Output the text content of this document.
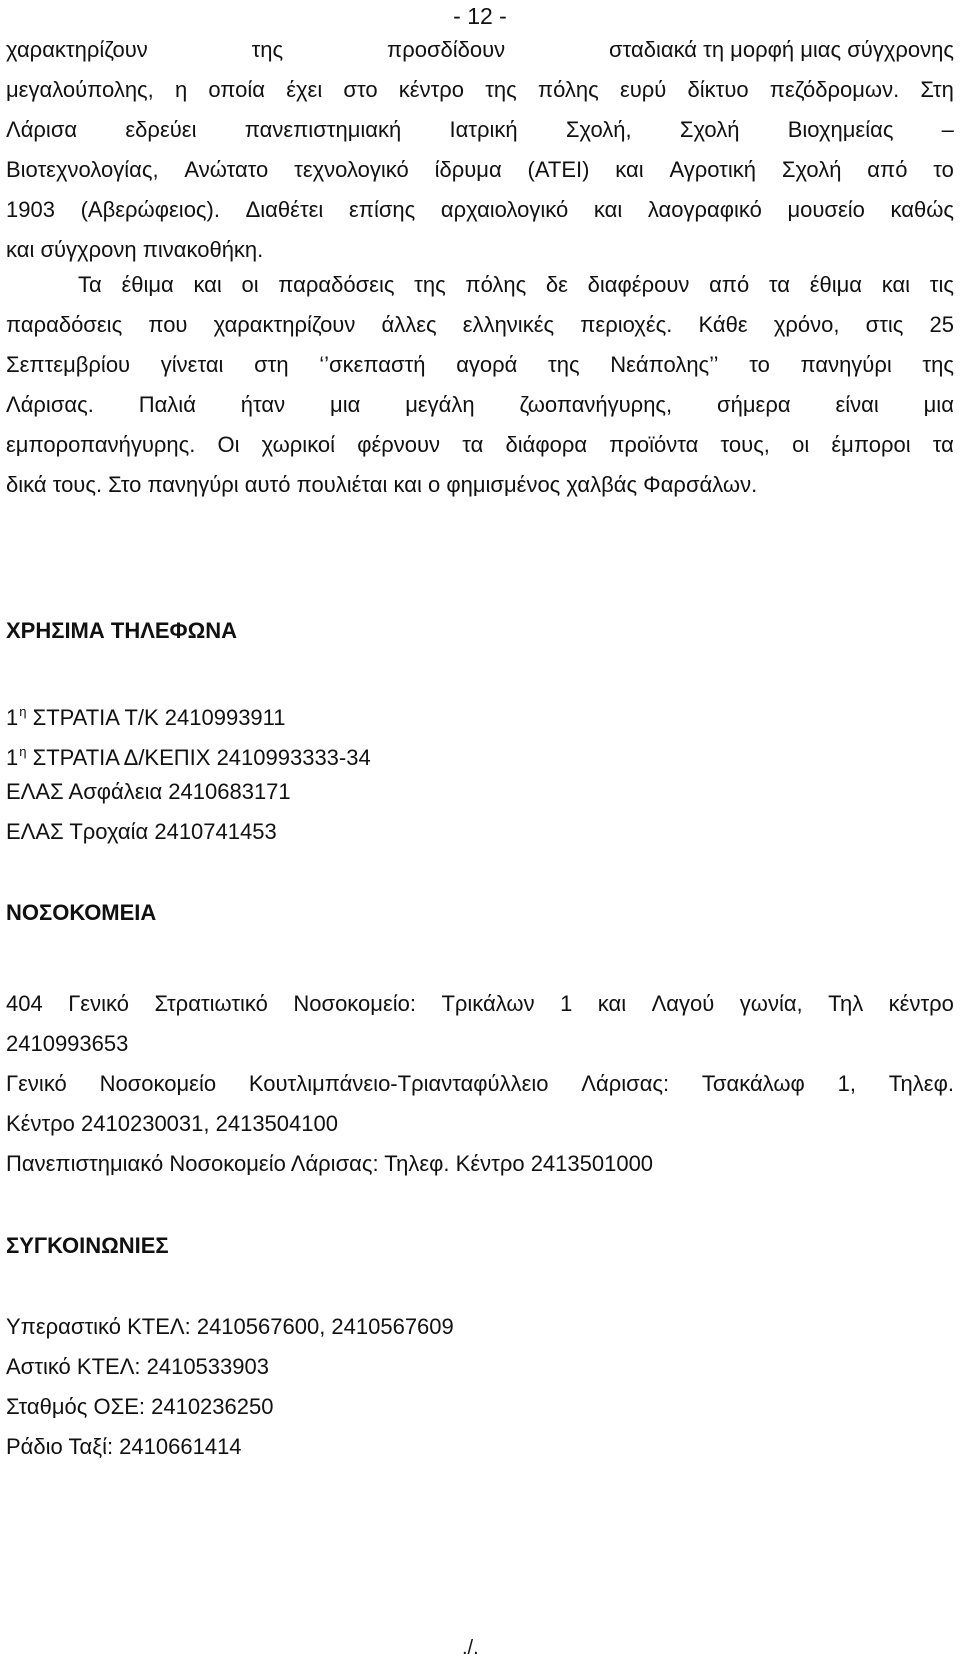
- 12 -
χαρακτηρίζουν	της	προσδίδουν	σταδιακά τη μορφή μιας σύγχρονης
μεγαλούπολης, η οποία έχει στο κέντρο της πόλης ευρύ δίκτυο πεζόδρομων. Στη
Λάρισα εδρεύει πανεπιστημιακή Ιατρική Σχολή, Σχολή Βιοχημείας –
Βιοτεχνολογίας, Ανώτατο τεχνολογικό ίδρυμα (ΑΤΕΙ) και Αγροτική Σχολή από το
1903 (Αβερώφειος). Διαθέτει επίσης αρχαιολογικό και λαογραφικό μουσείο καθώς
και σύγχρονη πινακοθήκη.
Τα έθιμα και οι παραδόσεις της πόλης δε διαφέρουν από τα έθιμα και τις
παραδόσεις που χαρακτηρίζουν άλλες ελληνικές περιοχές. Κάθε χρόνο, στις 25
Σεπτεμβρίου γίνεται στη ‘’σκεπαστή αγορά της Νεάπολης’’ το πανηγύρι της
Λάρισας. Παλιά ήταν μια μεγάλη ζωοπανήγυρης, σήμερα είναι μια
εμποροπανήγυρης. Οι χωρικοί φέρνουν τα διάφορα προϊόντα τους, οι έμποροι τα
δικά τους. Στο πανηγύρι αυτό πουλιέται και ο φημισμένος χαλβάς Φαρσάλων.
ΧΡΗΣΙΜΑ ΤΗΛΕΦΩΝΑ
$1^\eta$ ΣΤΡΑΤΙΑ Τ/Κ 2410993911
$1^\eta$ ΣΤΡΑΤΙΑ Δ/ΚΕΠΙΧ 2410993333-34
ΕΛΑΣ Ασφάλεια 2410683171
ΕΛΑΣ Τροχαία 2410741453
ΝΟΣΟΚΟΜΕΙΑ
404 Γενικό Στρατιωτικό Νοσοκομείο: Τρικάλων 1 και Λαγού γωνία, Τηλ κέντρο
2410993653
Γενικό Νοσοκομείο Κουτλιμπάνειο-Τριανταφύλλειο Λάρισας: Τσακάλωφ 1, Τηλεφ.
Κέντρο 2410230031, 2413504100
Πανεπιστημιακό Νοσοκομείο Λάρισας: Τηλεφ. Κέντρο 2413501000
ΣΥΓΚΟΙΝΩΝΙΕΣ
Υπεραστικό ΚΤΕΛ: 2410567600, 2410567609
Αστικό ΚΤΕΛ: 2410533903
Σταθμός ΟΣΕ: 2410236250
Ράδιο Ταξί: 2410661414
./.
